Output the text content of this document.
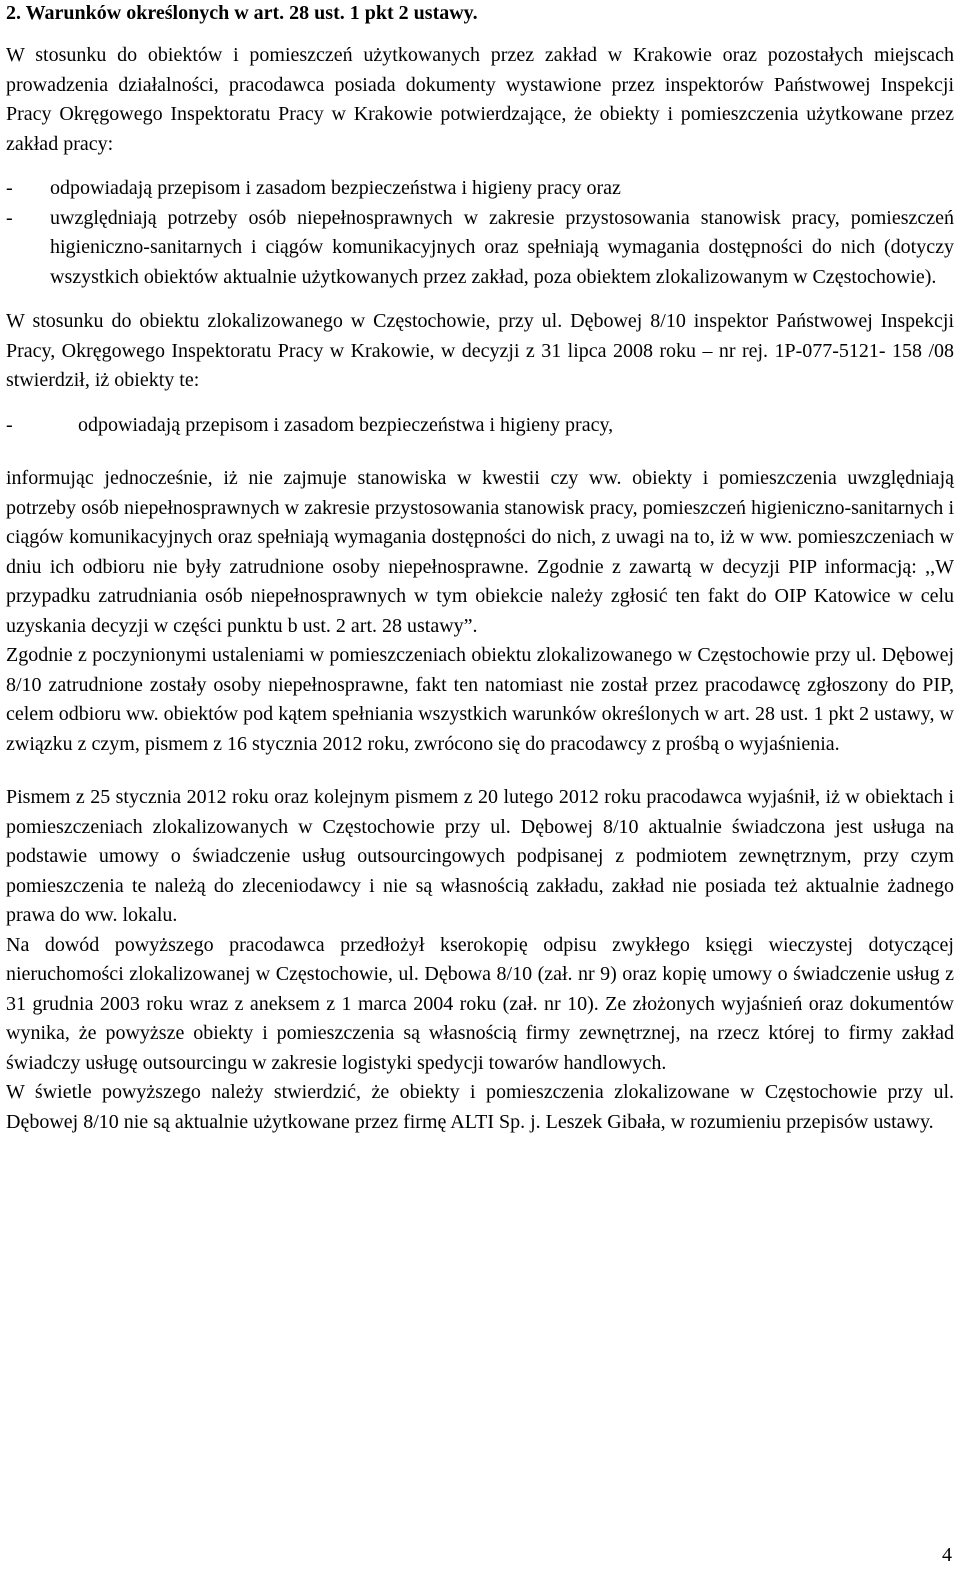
2. Warunków określonych w art. 28 ust. 1 pkt 2 ustawy.

W stosunku do obiektów i pomieszczeń użytkowanych przez zakład w Krakowie oraz pozostałych miejscach prowadzenia działalności, pracodawca posiada dokumenty wystawione przez inspektorów Państwowej Inspekcji Pracy Okręgowego Inspektoratu Pracy w Krakowie potwierdzające, że obiekty i pomieszczenia użytkowane przez zakład pracy:

- odpowiadają przepisom i zasadom bezpieczeństwa i higieny pracy oraz
- uwzględniają potrzeby osób niepełnosprawnych w zakresie przystosowania stanowisk pracy, pomieszczeń higieniczno-sanitarnych i ciągów komunikacyjnych oraz spełniają wymagania dostępności do nich (dotyczy wszystkich obiektów aktualnie użytkowanych przez zakład, poza obiektem zlokalizowanym w Częstochowie).

W stosunku do obiektu zlokalizowanego w Częstochowie, przy ul. Dębowej 8/10 inspektor Państwowej Inspekcji Pracy, Okręgowego Inspektoratu Pracy w Krakowie, w decyzji z 31 lipca 2008 roku – nr rej. 1P-077-5121- 158 /08 stwierdził, iż obiekty te:

-	odpowiadają przepisom i zasadom bezpieczeństwa i higieny pracy,

informując jednocześnie, iż nie zajmuje stanowiska w kwestii czy ww. obiekty i pomieszczenia uwzględniają potrzeby osób niepełnosprawnych w zakresie przystosowania stanowisk pracy, pomieszczeń higieniczno-sanitarnych i ciągów komunikacyjnych oraz spełniają wymagania dostępności do nich, z uwagi na to, iż w ww. pomieszczeniach w dniu ich odbioru nie były zatrudnione osoby niepełnosprawne. Zgodnie z zawartą w decyzji PIP informacją: ,,W przypadku zatrudniania osób niepełnosprawnych w tym obiekcie należy zgłosić ten fakt do OIP Katowice w celu uzyskania decyzji w części punktu b ust. 2 art. 28 ustawy”.

Zgodnie z poczynionymi ustaleniami w pomieszczeniach obiektu zlokalizowanego w Częstochowie przy ul. Dębowej 8/10 zatrudnione zostały osoby niepełnosprawne, fakt ten natomiast nie został przez pracodawcę zgłoszony do PIP, celem odbioru ww. obiektów pod kątem spełniania wszystkich warunków określonych w art. 28 ust. 1 pkt 2 ustawy, w związku z czym, pismem z 16 stycznia 2012 roku, zwrócono się do pracodawcy z prośbą o wyjaśnienia.

Pismem z 25 stycznia 2012 roku oraz kolejnym pismem z 20 lutego 2012 roku pracodawca wyjaśnił, iż w obiektach i pomieszczeniach zlokalizowanych w Częstochowie przy ul. Dębowej 8/10 aktualnie świadczona jest usługa na podstawie umowy o świadczenie usług outsourcingowych podpisanej z podmiotem zewnętrznym, przy czym pomieszczenia te należą do zleceniodawcy i nie są własnością zakładu, zakład nie posiada też aktualnie żadnego prawa do ww. lokalu.

Na dowód powyższego pracodawca przedłożył kserokopię odpisu zwykłego księgi wieczystej dotyczącej nieruchomości zlokalizowanej w Częstochowie, ul. Dębowa 8/10 (zał. nr 9) oraz kopię umowy o świadczenie usług z 31 grudnia 2003 roku wraz z aneksem z 1 marca 2004 roku (zał. nr 10). Ze złożonych wyjaśnień oraz dokumentów wynika, że powyższe obiekty i pomieszczenia są własnością firmy zewnętrznej, na rzecz której to firmy zakład świadczy usługę outsourcingu w zakresie logistyki spedycji towarów handlowych.

W świetle powyższego należy stwierdzić, że obiekty i pomieszczenia zlokalizowane w Częstochowie przy ul. Dębowej 8/10 nie są aktualnie użytkowane przez firmę ALTI Sp. j. Leszek Gibała, w rozumieniu przepisów ustawy.

4
